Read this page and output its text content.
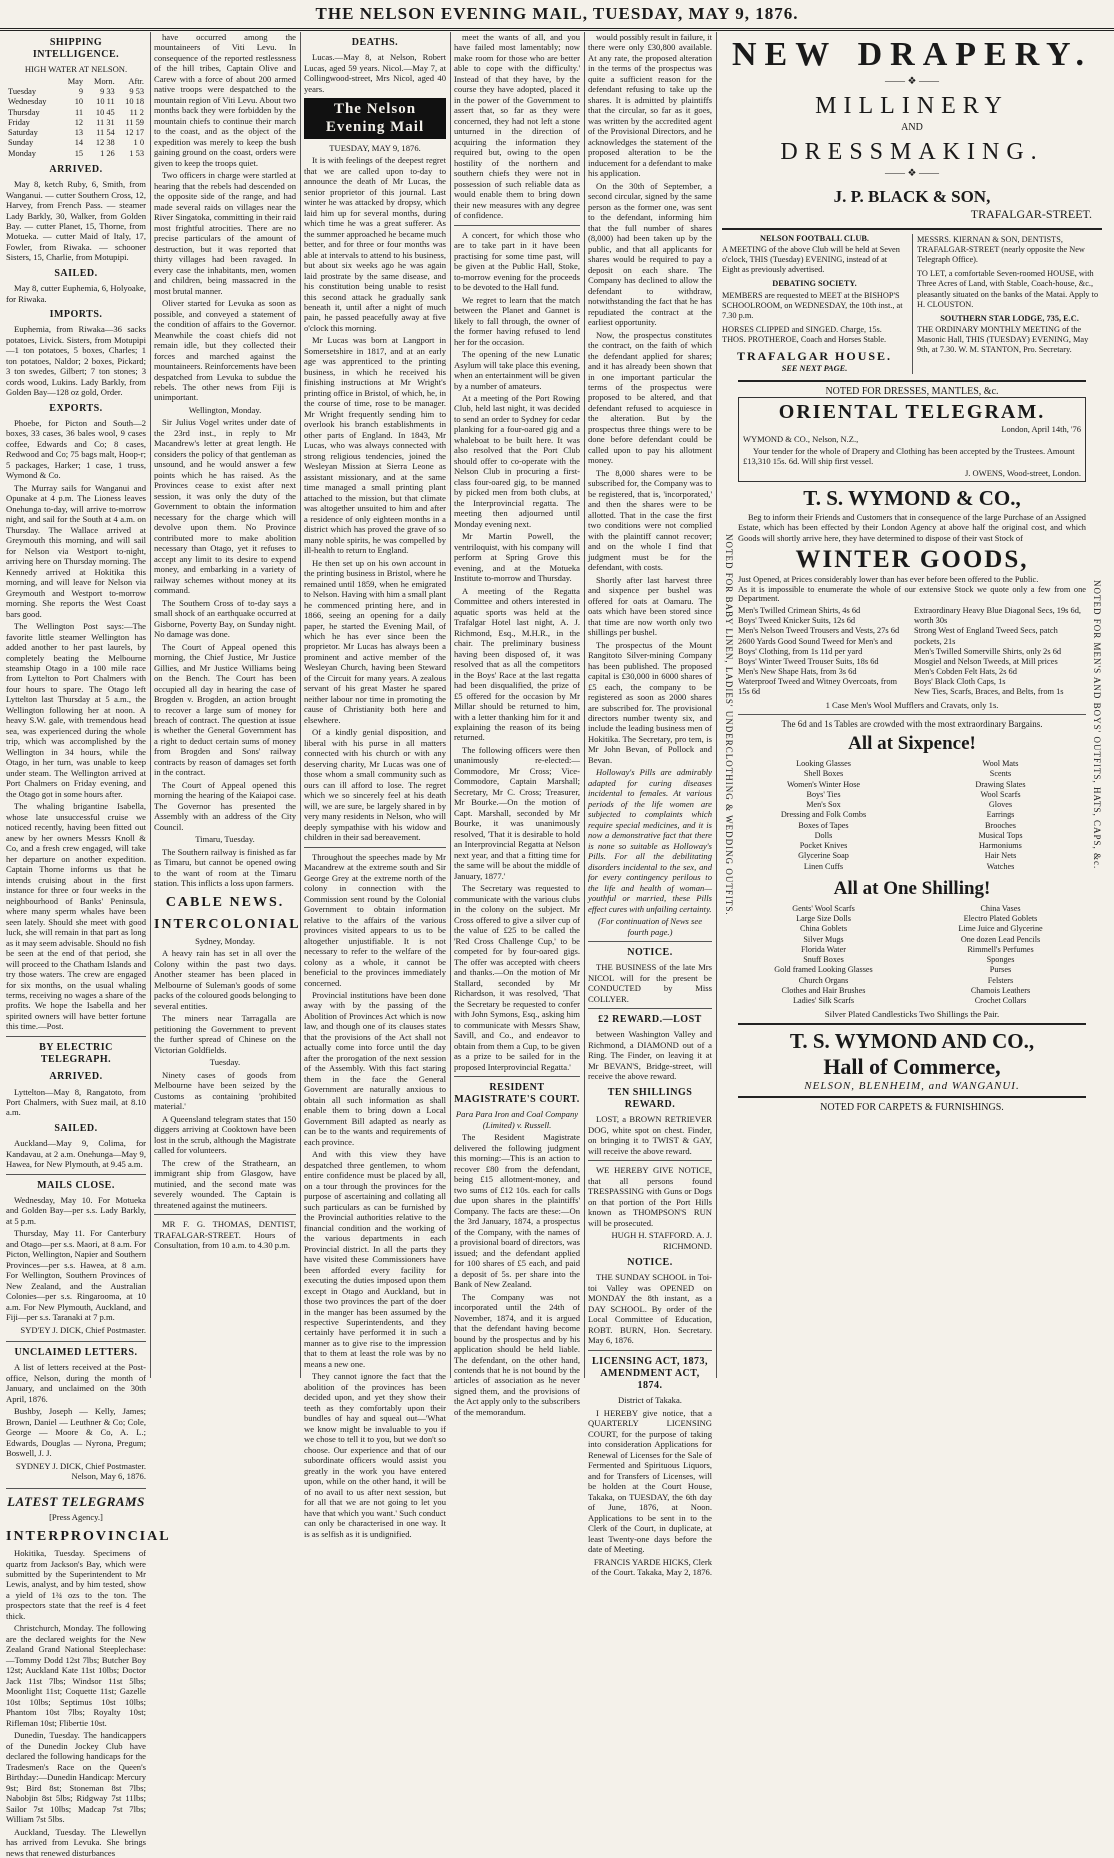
THE NELSON EVENING MAIL, TUESDAY, MAY 9, 1876.
SHIPPING INTELLIGENCE.
HIGH WATER AT NELSON.
	May	Morn.	Aftr.
Tuesday	9	9 33	9 53
Wednesday	10	10 11	10 18
Thursday	11	10 45	11 2
Friday	12	11 31	11 59
Saturday	13	11 54	12 17
Sunday	14	12 38	1 0
Monday	15	1 26	1 53
ARRIVED.

May 8, ketch Ruby, 6, Smith, from Wanganui. — cutter Southern Cross, 12, Harvey, from French Pass. — steamer Lady Barkly, 30, Walker, from Golden Bay. — cutter Planet, 15, Thorne, from Motueka. — cutter Maid of Italy, 17, Fowler, from Riwaka. — schooner Sisters, 15, Charlie, from Motupipi.

SAILED.

May 8, cutter Euphemia, 6, Holyoake, for Riwaka.

IMPORTS.

Euphemia, from Riwaka—36 sacks potatoes, Livick. Sisters, from Motupipi—1 ton potatoes, 5 boxes, Charles; 1 ton potatoes, Naldor; 2 boxes, Pickard; 3 ton swedes, Gilbert; 7 ton stones; 3 cords wood, Lukins. Lady Barkly, from Golden Bay—128 oz gold, Order.

EXPORTS.

Phoebe, for Picton and South—2 boxes, 33 cases, 36 bales wool, 9 cases coffee, Edwards and Co; 8 cases, Redwood and Co; 75 bags malt, Hoop-r; 5 packages, Harker; 1 case, 1 truss, Wymond & Co.

The Murray sails for Wanganui and Opunake at 4 p.m. The Lioness leaves Onehunga to-day, will arrive to-morrow night, and sail for the South at 4 a.m. on Thursday. The Wallace arrived at Greymouth this morning, and will sail for Nelson via Westport to-night, arriving here on Thursday morning. The Kennedy arrived at Hokitika this morning, and will leave for Nelson via Greymouth and Westport to-morrow morning. She reports the West Coast bars good.

The Wellington Post says:—The favorite little steamer Wellington has added another to her past laurels, by completely beating the Melbourne steamship Otago in a 100 mile race from Lyttelton to Port Chalmers with four hours to spare. The Otago left Lyttelton last Thursday at 5 a.m., the Wellington following her at noon. A heavy S.W. gale, with tremendous head sea, was experienced during the whole trip, which was accomplished by the Wellington in 34 hours, while the Otago, in her turn, was unable to keep under steam. The Wellington arrived at Port Chalmers on Friday evening, and the Otago got in some hours after.

The whaling brigantine Isabella, whose late unsuccessful cruise we noticed recently, having been fitted out anew by her owners Messrs Knoll & Co, and a fresh crew engaged, will take her departure on another expedition. Captain Thorne informs us that he intends cruising about in the first instance for three or four weeks in the neighbourhood of Banks' Peninsula, where many sperm whales have been seen lately. Should she meet with good luck, she will remain in that part as long as it may seem advisable. Should no fish be seen at the end of that period, she will proceed to the Chatham Islands and try those waters. The crew are engaged for six months, on the usual whaling terms, receiving no wages a share of the profits. We hope the Isabella and her spirited owners will have better fortune this time.—Post.

BY ELECTRIC TELEGRAPH.
ARRIVED.

Lyttelton—May 8, Rangatoto, from Port Chalmers, with Suez mail, at 8.10 a.m.

SAILED.

Auckland—May 9, Colima, for Kandavau, at 2 a.m. Onehunga—May 9, Hawea, for New Plymouth, at 9.45 a.m.

MAILS CLOSE.

Wednesday, May 10. For Motueka and Golden Bay—per s.s. Lady Barkly, at 5 p.m.

Thursday, May 11. For Canterbury and Otago—per s.s. Maori, at 8 a.m. For Picton, Wellington, Napier and Southern Provinces—per s.s. Hawea, at 8 a.m. For Wellington, Southern Provinces of New Zealand, and the Australian Colonies—per s.s. Ringarooma, at 10 a.m. For New Plymouth, Auckland, and Fiji—per s.s. Taranaki at 7 p.m.

SYD'EY J. DICK, Chief Postmaster.
UNCLAIMED LETTERS.

A list of letters received at the Post-office, Nelson, during the month of January, and unclaimed on the 30th April, 1876.

Bushby, Joseph — Kelly, James; Brown, Daniel — Leuthner & Co; Cole, George — Moore & Co, A. L.; Edwards, Douglas — Nyrona, Pregum; Boswell, J. J.

SYDNEY J. DICK, Chief Postmaster. Nelson, May 6, 1876.
LATEST TELEGRAMS
[Press Agency.]
INTERPROVINCIAL

Hokitika, Tuesday. Specimens of quartz from Jackson's Bay, which were submitted by the Superintendent to Mr Lewis, analyst, and by him tested, show a yield of 1¾ ozs to the ton. The prospectors state that the reef is 4 feet thick.

Christchurch, Monday. The following are the declared weights for the New Zealand Grand National Steeplechase:—Tommy Dodd 12st 7lbs; Butcher Boy 12st; Auckland Kate 11st 10lbs; Doctor Jack 11st 7lbs; Windsor 11st 5lbs; Moonlight 11st; Coquette 11st; Gazelle 10st 10lbs; Septimus 10st 10lbs; Phantom 10st 7lbs; Royalty 10st; Rifleman 10st; Flibertie 10st.

Dunedin, Tuesday. The handicappers of the Dunedin Jockey Club have declared the following handicaps for the Tradesmen's Race on the Queen's Birthday:—Dunedin Handicap: Mercury 9st; Bird 8st; Stoneman 8st 7lbs; Nabobjin 8st 5lbs; Ridgway 7st 11lbs; Sailor 7st 10lbs; Madcap 7st 7lbs; William 7st 5lbs.

Auckland, Tuesday. The Llewellyn has arrived from Levuka. She brings news that renewed disturbances

have occurred among the mountaineers of Viti Levu. In consequence of the reported restlessness of the hill tribes, Captain Olive and Carew with a force of about 200 armed native troops were despatched to the mountain region of Viti Levu. About two months back they were forbidden by the mountain chiefs to continue their march to the coast, and as the object of the expedition was merely to keep the bush gaining ground on the coast, orders were given to keep the troops quiet.

Two officers in charge were startled at hearing that the rebels had descended on the opposite side of the range, and had made several raids on villages near the River Singatoka, committing in their raid most frightful atrocities. There are no precise particulars of the amount of destruction, but it was reported that thirty villages had been ravaged. In every case the inhabitants, men, women and children, being massacred in the most brutal manner.

Oliver started for Levuka as soon as possible, and conveyed a statement of the condition of affairs to the Governor. Meanwhile the coast chiefs did not remain idle, but they collected their forces and marched against the mountaineers. Reinforcements have been despatched from Levuka to subdue the rebels. The other news from Fiji is unimportant.

Wellington, Monday.

Sir Julius Vogel writes under date of the 23rd inst., in reply to Mr Macandrew's letter at great length. He considers the policy of that gentleman as unsound, and he would answer a few points which he has raised. As the Provinces cease to exist after next session, it was only the duty of the Government to obtain the information necessary for the charge which will devolve upon them. No Province contributed more to make abolition necessary than Otago, yet it refuses to accept any limit to its desire to expend money, and embarking in a variety of railway schemes without money at its command.

The Southern Cross of to-day says a small shock of an earthquake occurred at Gisborne, Poverty Bay, on Sunday night. No damage was done.

The Court of Appeal opened this morning, the Chief Justice, Mr Justice Gillies, and Mr Justice Williams being on the Bench. The Court has been occupied all day in hearing the case of Brogden v. Brogden, an action brought to recover a large sum of money for breach of contract. The question at issue is whether the General Government has a right to deduct certain sums of money from Brogden and Sons' railway contracts by reason of damages set forth in the contract.

The Court of Appeal opened this morning the hearing of the Kaiapoi case. The Governor has presented the Assembly with an address of the City Council.

Timaru, Tuesday.

The Southern railway is finished as far as Timaru, but cannot be opened owing to the want of room at the Timaru station. This inflicts a loss upon farmers.

CABLE NEWS.
INTERCOLONIAL
Sydney, Monday.

A heavy rain has set in all over the Colony within the past two days. Another steamer has been placed in Melbourne of Suleman's goods of some packs of the coloured goods belonging to several entities.

The miners near Tarragalla are petitioning the Government to prevent the further spread of Chinese on the Victorian Goldfields.

Tuesday.

Ninety cases of goods from Melbourne have been seized by the Customs as containing 'prohibited material.'

A Queensland telegram states that 150 diggers arriving at Cooktown have been lost in the scrub, although the Magistrate called for volunteers.

The crew of the Strathearn, an immigrant ship from Glasgow, have mutinied, and the second mate was severely wounded. The Captain is threatened against the mutineers.

MR F. G. THOMAS, DENTIST, TRAFALGAR-STREET. Hours of Consultation, from 10 a.m. to 4.30 p.m.

DEATHS.

Lucas.—May 8, at Nelson, Robert Lucas, aged 59 years. Nicol.—May 7, at Collingwood-street, Mrs Nicol, aged 40 years.

The Nelson Evening Mail
TUESDAY, MAY 9, 1876.

It is with feelings of the deepest regret that we are called upon to-day to announce the death of Mr Lucas, the senior proprietor of this journal. Last winter he was attacked by dropsy, which laid him up for several months, during which time he was a great sufferer. As the summer approached he became much better, and for three or four months was able at intervals to attend to his business, but about six weeks ago he was again laid prostrate by the same disease, and his constitution being unable to resist this second attack he gradually sank beneath it, until after a night of much pain, he passed peacefully away at five o'clock this morning.

Mr Lucas was born at Langport in Somersetshire in 1817, and at an early age was apprenticed to the printing business, in which he received his finishing instructions at Mr Wright's printing office in Bristol, of which, he, in the course of time, rose to be manager. Mr Wright frequently sending him to overlook his branch establishments in other parts of England. In 1843, Mr Lucas, who was always connected with strong religious tendencies, joined the Wesleyan Mission at Sierra Leone as assistant missionary, and at the same time managed a small printing plant attached to the mission, but that climate was altogether unsuited to him and after a residence of only eighteen months in a district which has proved the grave of so many noble spirits, he was compelled by ill-health to return to England.

He then set up on his own account in the printing business in Bristol, where he remained until 1859, when he emigrated to Nelson. Having with him a small plant he commenced printing here, and in 1866, seeing an opening for a daily paper, he started the Evening Mail, of which he has ever since been the proprietor. Mr Lucas has always been a prominent and active member of the Wesleyan Church, having been Steward of the Circuit for many years. A zealous servant of his great Master he spared neither labour nor time in promoting the cause of Christianity both here and elsewhere.

Of a kindly genial disposition, and liberal with his purse in all matters connected with his church or with any deserving charity, Mr Lucas was one of those whom a small community such as ours can ill afford to lose. The regret which we so sincerely feel at his death will, we are sure, be largely shared in by very many residents in Nelson, who will deeply sympathise with his widow and children in their sad bereavement.

Throughout the speeches made by Mr Macandrew at the extreme south and Sir George Grey at the extreme north of the colony in connection with the Commission sent round by the Colonial Government to obtain information relative to the affairs of the various provinces visited appears to us to be altogether unjustifiable. It is not necessary to refer to the welfare of the colony as a whole, it cannot be beneficial to the provinces immediately concerned.

Provincial institutions have been done away with by the passing of the Abolition of Provinces Act which is now law, and though one of its clauses states that the provisions of the Act shall not actually come into force until the day after the prorogation of the next session of the Assembly. With this fact staring them in the face the General Government are naturally anxious to obtain all such information as shall enable them to bring down a Local Government Bill adapted as nearly as can be to the wants and requirements of each province.

And with this view they have despatched three gentlemen, to whom entire confidence must be placed by all, on a tour through the provinces for the purpose of ascertaining and collating all such particulars as can be furnished by the Provincial authorities relative to the financial condition and the working of the various departments in each Provincial district. In all the parts they have visited these Commissioners have been afforded every facility for executing the duties imposed upon them except in Otago and Auckland, but in those two provinces the part of the doer in the manger has been assumed by the respective Superintendents, and they certainly have performed it in such a manner as to give rise to the impression that to them at least the role was by no means a new one.

They cannot ignore the fact that the abolition of the provinces has been decided upon, and yet they show their teeth as they comfortably upon their bundles of hay and squeal out—'What we know might be invaluable to you if we chose to tell it to you, but we don't so choose. Our experience and that of our subordinate officers would assist you greatly in the work you have entered upon, while on the other hand, it will be of no avail to us after next session, but for all that we are not going to let you have that which you want.' Such conduct can only be characterised in one way. It is as selfish as it is undignified.

meet the wants of all, and you have failed most lamentably; now make room for those who are better able to cope with the difficulty.' Instead of that they have, by the course they have adopted, placed it in the power of the Government to assert that, so far as they were concerned, they had not left a stone unturned in the direction of acquiring the information they required but, owing to the open hostility of the northern and southern chiefs they were not in possession of such reliable data as would enable them to bring down their new measures with any degree of confidence.

A concert, for which those who are to take part in it have been practising for some time past, will be given at the Public Hall, Stoke, to-morrow evening for the proceeds to be devoted to the Hall fund.

We regret to learn that the match between the Planet and Gannet is likely to fall through, the owner of the former having refused to lend her for the occasion.

The opening of the new Lunatic Asylum will take place this evening, when an entertainment will be given by a number of amateurs.

At a meeting of the Port Rowing Club, held last night, it was decided to send an order to Sydney for cedar planking for a four-oared gig and a whaleboat to be built here. It was also resolved that the Port Club should offer to co-operate with the Nelson Club in procuring a first-class four-oared gig, to be manned by picked men from both clubs, at the Interprovincial regatta. The meeting then adjourned until Monday evening next.

Mr Martin Powell, the ventriloquist, with his company will perform at Spring Grove this evening, and at the Motueka Institute to-morrow and Thursday.

A meeting of the Regatta Committee and others interested in aquatic sports was held at the Trafalgar Hotel last night, A. J. Richmond, Esq., M.H.R., in the chair. The preliminary business having been disposed of, it was resolved that as all the competitors in the Boys' Race at the last regatta had been disqualified, the prize of £5 offered for the occasion by Mr Millar should be returned to him, with a letter thanking him for it and explaining the reason of its being returned.

The following officers were then unanimously re-elected:—Commodore, Mr Cross; Vice-Commodore, Captain Marshall; Secretary, Mr C. Cross; Treasurer, Mr Bourke.—On the motion of Capt. Marshall, seconded by Mr Bourke, it was unanimously resolved, 'That it is desirable to hold an Interprovincial Regatta at Nelson next year, and that a fitting time for the same will be about the middle of January, 1877.'

The Secretary was requested to communicate with the various clubs in the colony on the subject. Mr Cross offered to give a silver cup of the value of £25 to be called the 'Red Cross Challenge Cup,' to be competed for by four-oared gigs. The offer was accepted with cheers and thanks.—On the motion of Mr Stallard, seconded by Mr Richardson, it was resolved, 'That the Secretary be requested to confer with John Symons, Esq., asking him to communicate with Messrs Shaw, Savill, and Co., and endeavor to obtain from them a Cup, to be given as a prize to be sailed for in the proposed Interprovincial Regatta.'

RESIDENT MAGISTRATE'S COURT.
Para Para Iron and Coal Company (Limited) v. Russell.

The Resident Magistrate delivered the following judgment this morning:—This is an action to recover £80 from the defendant, being £15 allotment-money, and two sums of £12 10s. each for calls due upon shares in the plaintiffs' Company. The facts are these:—On the 3rd January, 1874, a prospectus of the Company, with the names of a provisional board of directors, was issued; and the defendant applied for 100 shares of £5 each, and paid a deposit of 5s. per share into the Bank of New Zealand.

The Company was not incorporated until the 24th of November, 1874, and it is argued that the defendant having become bound by the prospectus and by his application should be held liable. The defendant, on the other hand, contends that he is not bound by the articles of association as he never signed them, and the provisions of the Act apply only to the subscribers of the memorandum.

would possibly result in failure, it there were only £30,800 available. At any rate, the proposed alteration in the terms of the prospectus was quite a sufficient reason for the defendant refusing to take up the shares. It is admitted by plaintiffs that the circular, so far as it goes, was written by the accredited agent of the Provisional Directors, and he acknowledges the statement of the proposed alteration to be the inducement for a defendant to make his application.

On the 30th of September, a second circular, signed by the same person as the former one, was sent to the defendant, informing him that the full number of shares (8,000) had been taken up by the public, and that all applicants for shares would be required to pay a deposit on each share. The Company has declined to allow the defendant to withdraw, notwithstanding the fact that he has repudiated the contract at the earliest opportunity.

Now, the prospectus constitutes the contract, on the faith of which the defendant applied for shares; and it has already been shown that in one important particular the terms of the prospectus were proposed to be altered, and that defendant refused to acquiesce in the alteration. But by the prospectus three things were to be done before defendant could be called upon to pay his allotment money.

The 8,000 shares were to be subscribed for, the Company was to be registered, that is, 'incorporated,' and then the shares were to be allotted. That in the case the first two conditions were not complied with the plaintiff cannot recover; and on the whole I find that judgment must be for the defendant, with costs.

Shortly after last harvest three and sixpence per bushel was offered for oats at Oamaru. The oats which have been stored since that time are now worth only two shillings per bushel.

The prospectus of the Mount Rangitoto Silver-mining Company has been published. The proposed capital is £30,000 in 6000 shares of £5 each, the company to be registered as soon as 2000 shares are subscribed for. The provisional directors number twenty six, and include the leading business men of Hokitika. The Secretary, pro tem, is Mr John Bevan, of Pollock and Bevan.

Holloway's Pills are admirably adapted for curing diseases incidental to females. At various periods of the life women are subjected to complaints which require special medicines, and it is now a demonstrative fact that there is none so suitable as Holloway's Pills. For all the debilitating disorders incidental to the sex, and for every contingency perilous to the life and health of woman—youthful or married, these Pills effect cures with unfailing certainty.

(For continuation of News see fourth page.)
NOTICE.

THE BUSINESS of the late Mrs NICOL will for the present be CONDUCTED by Miss COLLYER.

£2 REWARD.—LOST

between Washington Valley and Richmond, a DIAMOND out of a Ring. The Finder, on leaving it at Mr BEVAN'S, Bridge-street, will receive the above reward.

TEN SHILLINGS REWARD.

LOST, a BROWN RETRIEVER DOG, white spot on chest. Finder, on bringing it to TWIST & GAY, will receive the above reward.

WE HEREBY GIVE NOTICE, that all persons found TRESPASSING with Guns or Dogs on that portion of the Port Hills known as THOMPSON'S RUN will be prosecuted.

HUGH H. STAFFORD. A. J. RICHMOND.
NOTICE.

THE SUNDAY SCHOOL in Toi-toi Valley was OPENED on MONDAY the 8th instant, as a DAY SCHOOL. By order of the Local Committee of Education, ROBT. BURN, Hon. Secretary. May 6, 1876.

LICENSING ACT, 1873, AMENDMENT ACT, 1874.
District of Takaka.

I HEREBY give notice, that a QUARTERLY LICENSING COURT, for the purpose of taking into consideration Applications for Renewal of Licenses for the Sale of Fermented and Spirituous Liquors, and for Transfers of Licenses, will be holden at the Court House, Takaka, on TUESDAY, the 6th day of June, 1876, at Noon. Applications to be sent in to the Clerk of the Court, in duplicate, at least Twenty-one days before the date of Meeting.

FRANCIS YARDE HICKS, Clerk of the Court. Takaka, May 2, 1876.
NEW DRAPERY.
—— ❖ ——
MILLINERY
AND
DRESSMAKING.
—— ❖ ——
J. P. BLACK & SON,
TRAFALGAR-STREET.
NELSON FOOTBALL CLUB.

A MEETING of the above Club will be held at Seven o'clock, THIS (Tuesday) EVENING, instead of at Eight as previously advertised.

DEBATING SOCIETY.

MEMBERS are requested to MEET at the BISHOP'S SCHOOLROOM, on WEDNESDAY, the 10th inst., at 7.30 p.m.

HORSES CLIPPED and SINGED. Charge, 15s. THOS. PROTHEROE, Coach and Horses Stable.

TRAFALGAR HOUSE.
SEE NEXT PAGE.

MESSRS. KIERNAN & SON, DENTISTS, TRAFALGAR-STREET (nearly opposite the New Telegraph Office).

TO LET, a comfortable Seven-roomed HOUSE, with Three Acres of Land, with Stable, Coach-house, &c., pleasantly situated on the banks of the Matai. Apply to H. CLOUSTON.

SOUTHERN STAR LODGE, 735, E.C.

THE ORDINARY MONTHLY MEETING of the Masonic Hall, THIS (TUESDAY) EVENING, May 9th, at 7.30. W. M. STANTON, Pro. Secretary.

NOTED FOR BABY LINEN, LADIES' UNDERCLOTHING & WEDDING OUTFITS.	NOTED FOR MEN'S AND BOYS' OUTFITS, HATS, CAPS, &c.
NOTED FOR DRESSES, MANTLES, &c.
ORIENTAL TELEGRAM.
London, April 14th, '76
WYMOND & CO., Nelson, N.Z.,

Your tender for the whole of Drapery and Clothing has been accepted by the Trustees. Amount £13,310 15s. 6d. Will ship first vessel.

J. OWENS, Wood-street, London.
T. S. WYMOND & CO.,

Beg to inform their Friends and Customers that in consequence of the large Purchase of an Assigned Estate, which has been effected by their London Agency at above half the original cost, and which Goods will shortly arrive here, they have determined to dispose of their vast Stock of

WINTER GOODS,

Just Opened, at Prices considerably lower than has ever before been offered to the Public.

As it is impossible to enumerate the whole of our extensive Stock we quote only a few from one Department.

Men's Twilled Crimean Shirts, 4s 6d
Boys' Tweed Knicker Suits, 12s 6d
Men's Nelson Tweed Trousers and Vests, 27s 6d
2600 Yards Good Sound Tweed for Men's and Boys' Clothing, from 1s 11d per yard
Boys' Winter Tweed Trouser Suits, 18s 6d
Men's New Shape Hats, from 3s 6d
Waterproof Tweed and Witney Overcoats, from 15s 6d
Extraordinary Heavy Blue Diagonal Secs, 19s 6d, worth 30s
Strong West of England Tweed Secs, patch pockets, 21s
Men's Twilled Somerville Shirts, only 2s 6d
Mosgiel and Nelson Tweeds, at Mill prices
Men's Cobden Felt Hats, 2s 6d
Boys' Black Cloth Caps, 1s
New Ties, Scarfs, Braces, and Belts, from 1s
1 Case Men's Wool Mufflers and Cravats, only 1s.

The 6d and 1s Tables are crowded with the most extraordinary Bargains.

All at Sixpence!
Looking Glasses
Shell Boxes
Women's Winter Hose
Boys' Ties
Men's Sox
Dressing and Folk Combs
Boxes of Tapes
Dolls
Pocket Knives
Glycerine Soap
Linen Cuffs
Wool Mats
Scents
Drawing Slates
Wool Scarfs
Gloves
Earrings
Brooches
Musical Tops
Harmoniums
Hair Nets
Watches
All at One Shilling!
Gents' Wool Scarfs
Large Size Dolls
China Goblets
Silver Mugs
Florida Water
Snuff Boxes
Gold framed Looking Glasses
Church Organs
Clothes and Hair Brushes
Ladies' Silk Scarfs
China Vases
Electro Plated Goblets
Lime Juice and Glycerine
One dozen Lead Pencils
Rimmell's Perfumes
Sponges
Purses
Felsters
Chamois Leathers
Crochet Collars
Silver Plated Candlesticks Two Shillings the Pair.
T. S. WYMOND AND CO.,
Hall of Commerce,
NELSON, BLENHEIM, and WANGANUI.
NOTED FOR CARPETS & FURNISHINGS.
